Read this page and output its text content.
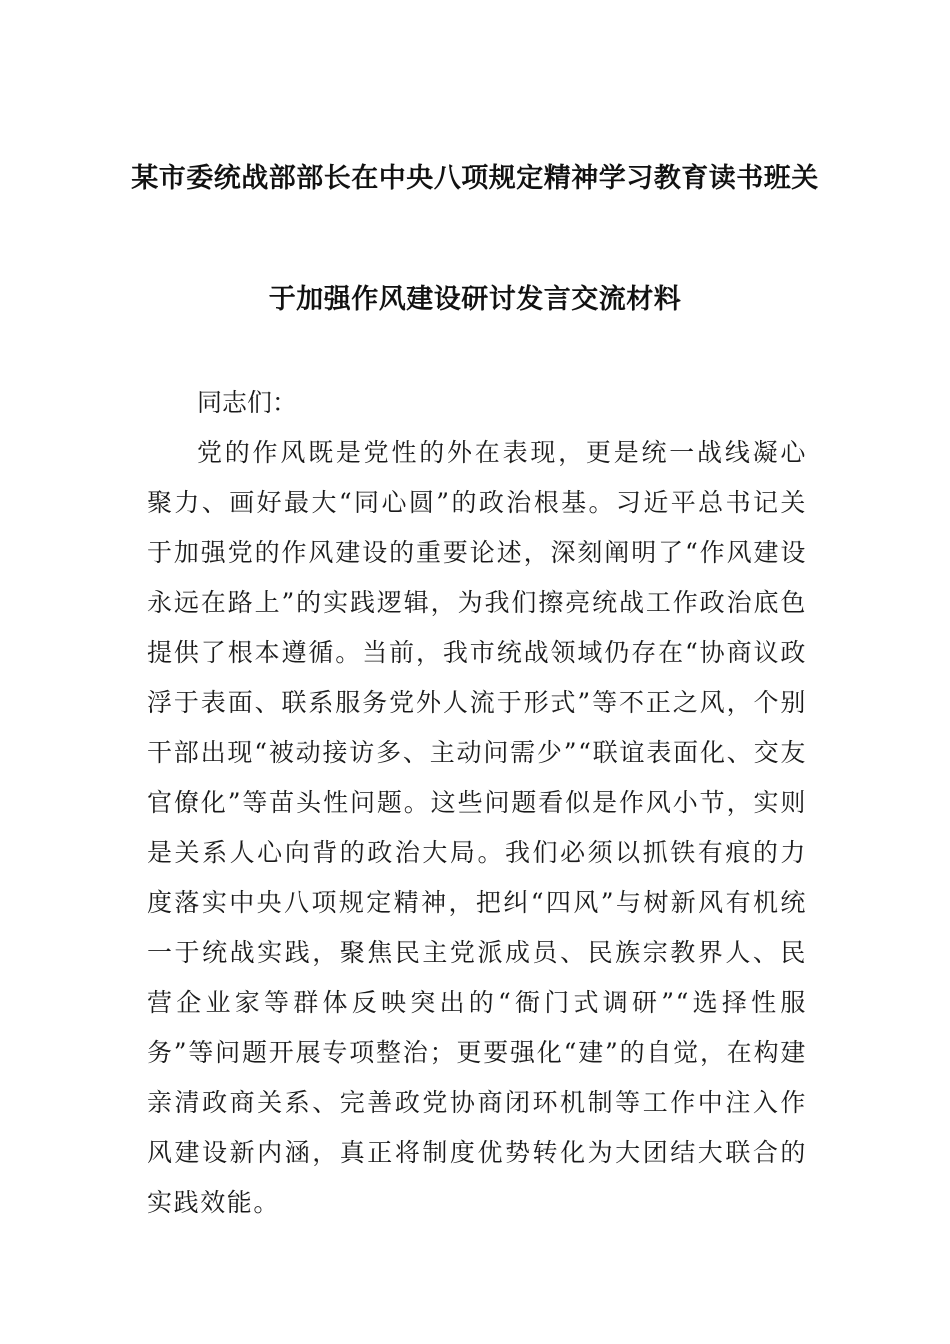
某市委统战部部长在中央八项规定精神学习教育读书班关
于加强作风建设研讨发言交流材料

同志们：

党的作风既是党性的外在表现，更是统一战线凝心聚力、画好最大“同心圆”的政治根基。习近平总书记关于加强党的作风建设的重要论述，深刻阐明了“作风建设永远在路上”的实践逻辑，为我们擦亮统战工作政治底色提供了根本遵循。当前，我市统战领域仍存在“协商议政浮于表面、联系服务党外人流于形式”等不正之风，个别干部出现“被动接访多、主动问需少”“联谊表面化、交友官僚化”等苗头性问题。这些问题看似是作风小节，实则是关系人心向背的政治大局。我们必须以抓铁有痕的力度落实中央八项规定精神，把纠“四风”与树新风有机统一于统战实践，聚焦民主党派成员、民族宗教界人、民营企业家等群体反映突出的“衙门式调研”“选择性服务”等问题开展专项整治；更要强化“建”的自觉，在构建亲清政商关系、完善政党协商闭环机制等工作中注入作风建设新内涵，真正将制度优势转化为大团结大联合的实践效能。
